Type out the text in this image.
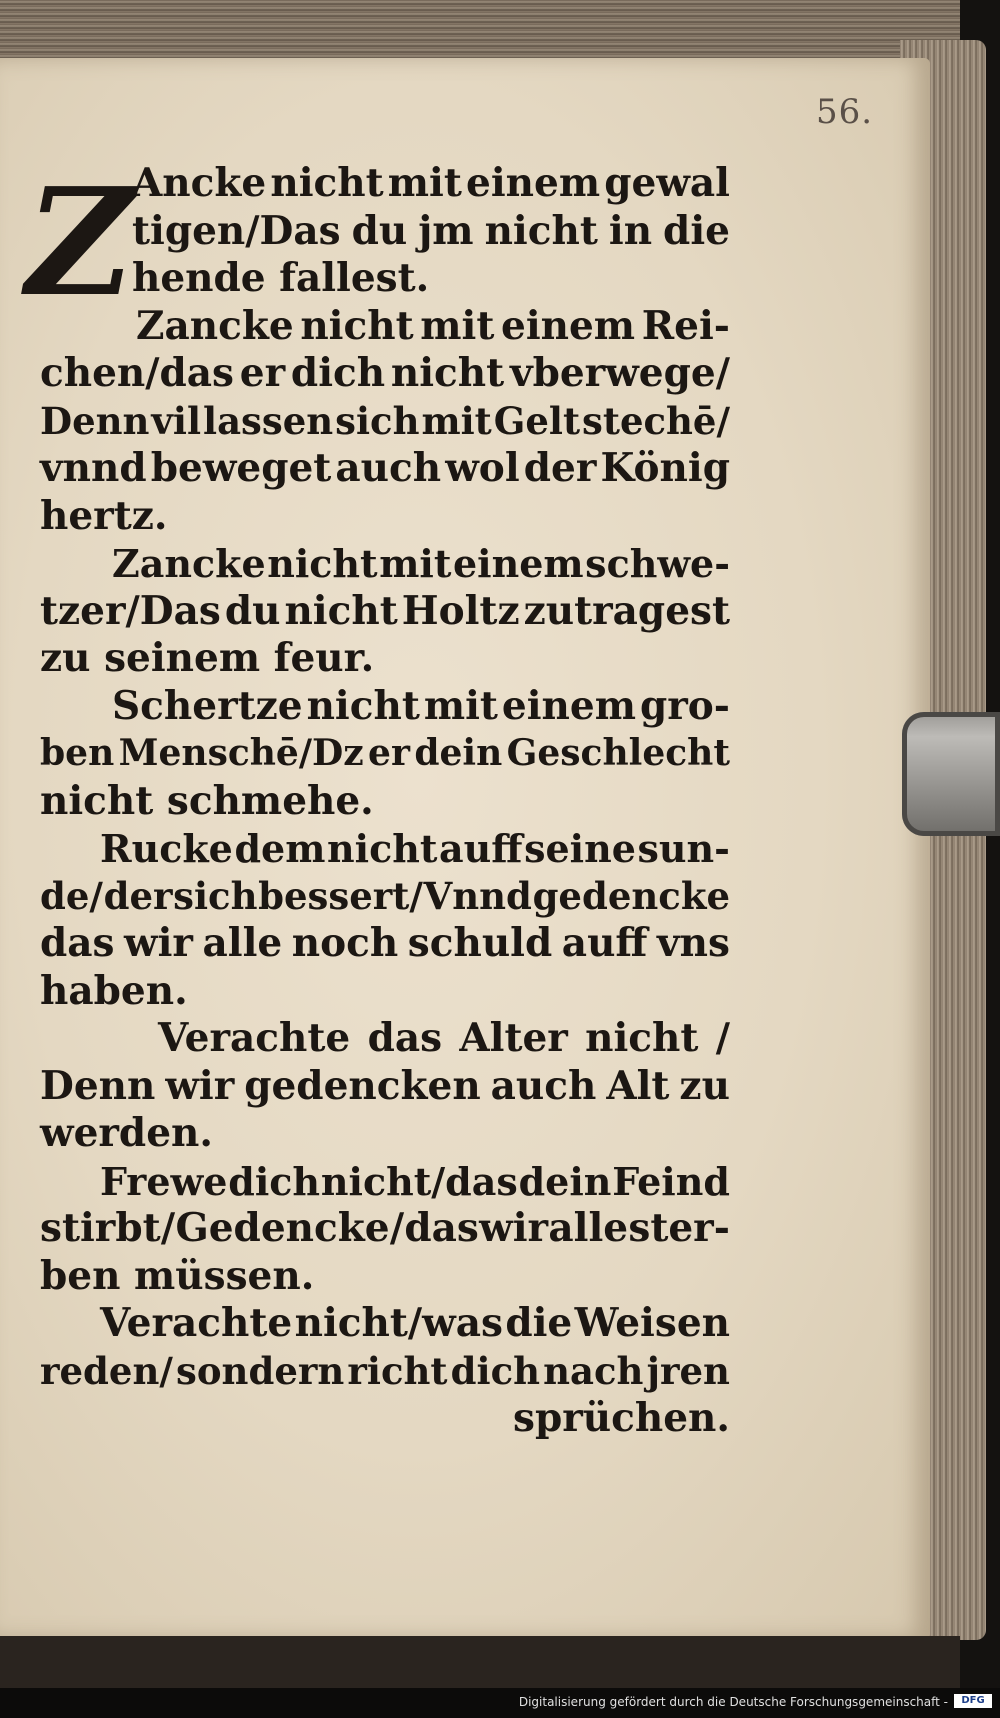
56.
Z
Ancke nicht mit einem gewal
tigen/Das du jm nicht in die
hende fallest.
Zancke nicht mit einem Rei-
chen/das er dich nicht vberwege/
Denn vil lassen sich mit Gelt stechē/
vnnd beweget auch wol der König
hertz.
Zancke nicht mit einem schwe-
tzer/Das du nicht Holtz zutragest
zu seinem feur.
Schertze nicht mit einem gro-
ben Menschē/Dz er dein Geschlecht
nicht schmehe.
Rucke dem nicht auff seine sun-
de/ der sich bessert/ Vnnd gedencke
das wir alle noch schuld auff vns
haben.
Verachte das Alter nicht /
Denn wir gedencken auch Alt zu
werden.
Frewe dich nicht/das dein Feind
stirbt / Gedencke / das wir alle ster-
ben müssen.
Verachte nicht/was die Weisen
reden/ sondern richt dich nach jren
sprüchen.
Digitalisierung gefördert durch die Deutsche Forschungsgemeinschaft -	DFG
